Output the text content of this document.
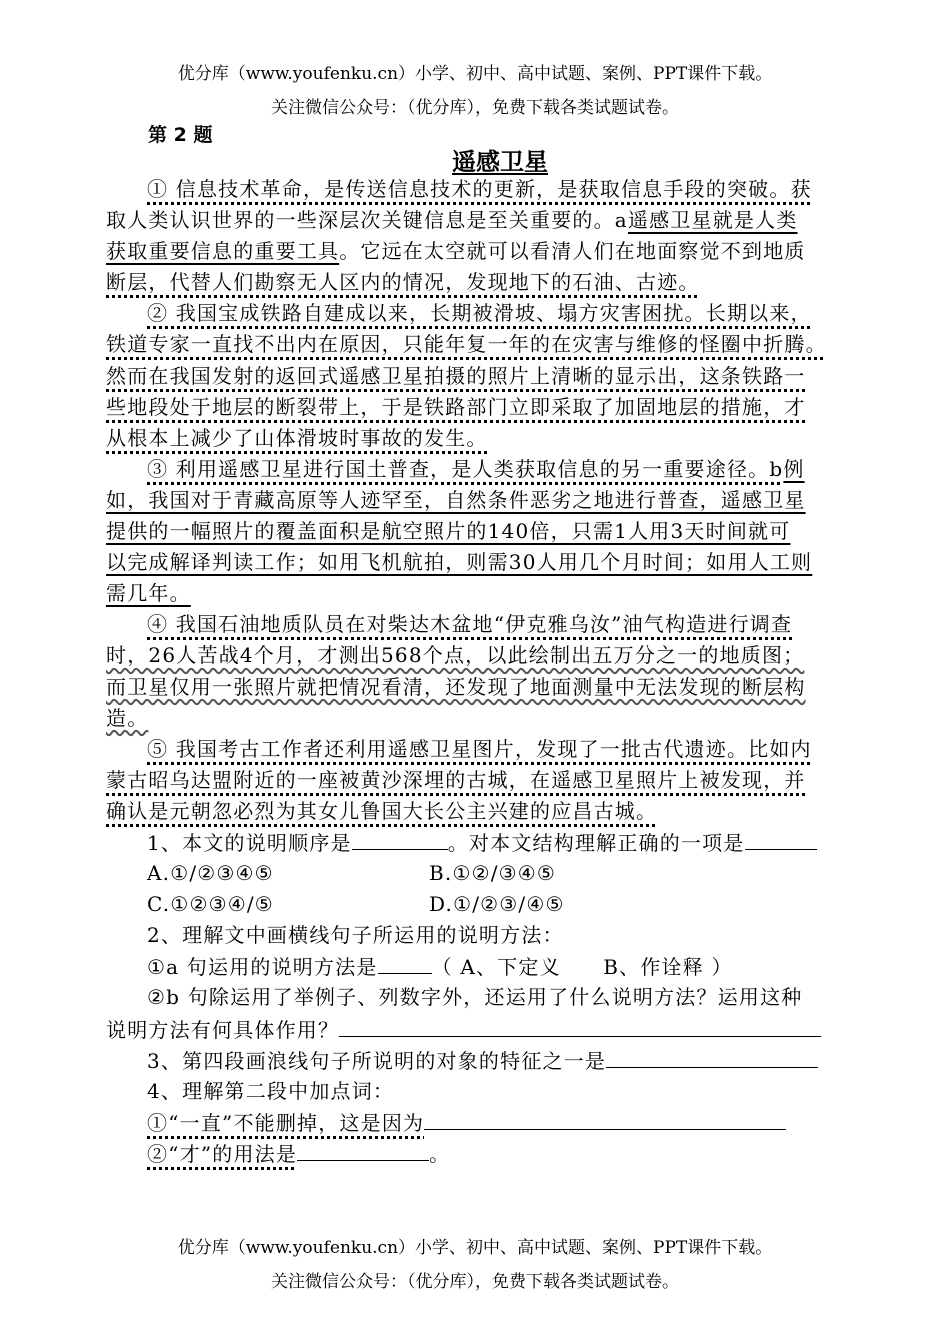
优分库（www.youfenku.cn）小学、初中、高中试题、案例、PPT课件下载。
关注微信公众号：（优分库），免费下载各类试题试卷。
第 2 题
遥感卫星
① 信息技术革命，是传送信息技术的更新，是获取信息手段的突破。获
取人类认识世界的一些深层次关键信息是至关重要的。a遥感卫星就是人类
获取重要信息的重要工具。它远在太空就可以看清人们在地面察觉不到地质
断层，代替人们勘察无人区内的情况，发现地下的石油、古迹。
② 我国宝成铁路自建成以来，长期被滑坡、塌方灾害困扰。长期以来，
铁道专家一直找不出内在原因，只能年复一年的在灾害与维修的怪圈中折腾。
然而在我国发射的返回式遥感卫星拍摄的照片上清晰的显示出，这条铁路一
些地段处于地层的断裂带上，于是铁路部门立即采取了加固地层的措施，才
从根本上减少了山体滑坡时事故的发生。
③ 利用遥感卫星进行国土普查，是人类获取信息的另一重要途径。b例
如，我国对于青藏高原等人迹罕至，自然条件恶劣之地进行普查，遥感卫星
提供的一幅照片的覆盖面积是航空照片的140倍，只需1人用3天时间就可
以完成解译判读工作；如用飞机航拍，则需30人用几个月时间；如用人工则
需几年。
④ 我国石油地质队员在对柴达木盆地“伊克雅乌汝”油气构造进行调查
时，26人苦战4个月，才测出568个点，以此绘制出五万分之一的地质图；
而卫星仅用一张照片就把情况看清，还发现了地面测量中无法发现的断层构
造。
⑤ 我国考古工作者还利用遥感卫星图片，发现了一批古代遗迹。比如内
蒙古昭乌达盟附近的一座被黄沙深埋的古城，在遥感卫星照片上被发现，并
确认是元朝忽必烈为其女儿鲁国大长公主兴建的应昌古城。
1、本文的说明顺序是	。对本文结构理解正确的一项是
A.①/②③④⑤	B.①②/③④⑤
C.①②③④/⑤	D.①/②③/④⑤
2、理解文中画横线句子所运用的说明方法：
①a 句运用的说明方法是	（ A、下定义　　B、作诠释 ）
②b 句除运用了举例子、列数字外，还运用了什么说明方法？运用这种
说明方法有何具体作用？
3、第四段画浪线句子所说明的对象的特征之一是
4、理解第二段中加点词：
①“一直”不能删掉，这是因为
②“才”的用法是	。
优分库（www.youfenku.cn）小学、初中、高中试题、案例、PPT课件下载。
关注微信公众号：（优分库），免费下载各类试题试卷。
